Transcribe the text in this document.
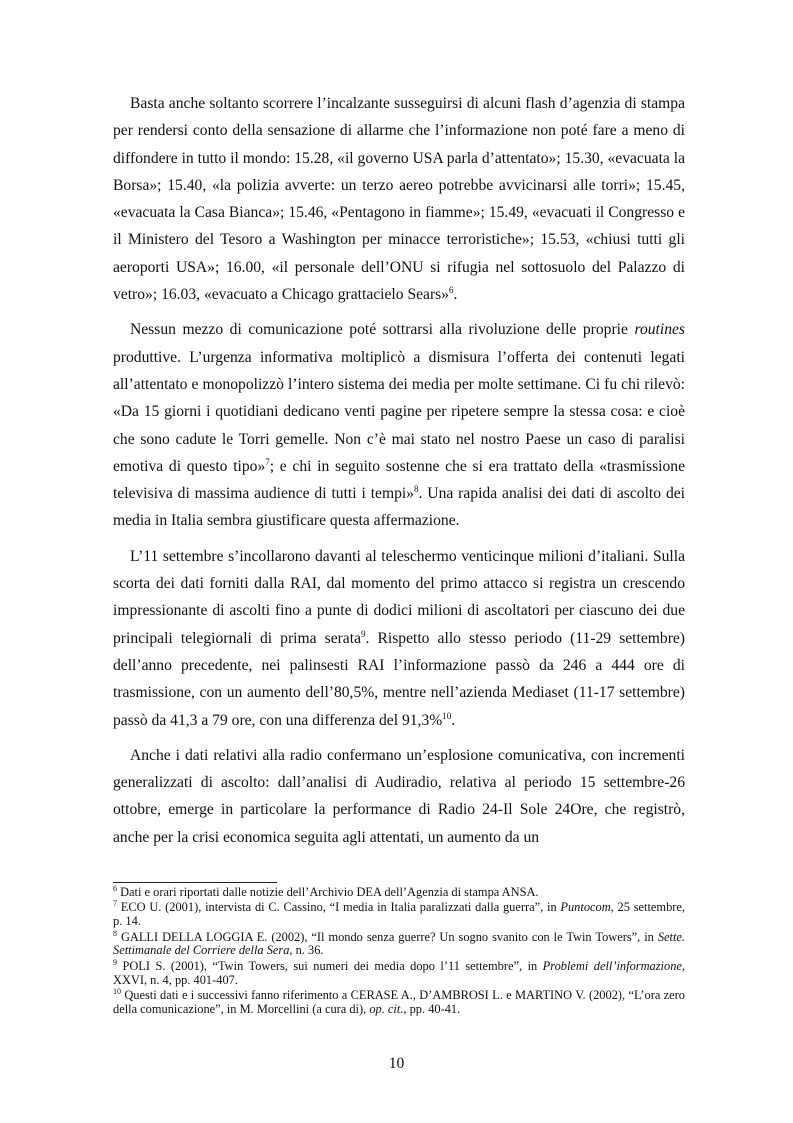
Basta anche soltanto scorrere l’incalzante susseguirsi di alcuni flash d’agenzia di stampa per rendersi conto della sensazione di allarme che l’informazione non poté fare a meno di diffondere in tutto il mondo: 15.28, «il governo USA parla d’attentato»; 15.30, «evacuata la Borsa»; 15.40, «la polizia avverte: un terzo aereo potrebbe avvicinarsi alle torri»; 15.45, «evacuata la Casa Bianca»; 15.46, «Pentagono in fiamme»; 15.49, «evacuati il Congresso e il Ministero del Tesoro a Washington per minacce terroristiche»; 15.53, «chiusi tutti gli aeroporti USA»; 16.00, «il personale dell’ONU si rifugia nel sottosuolo del Palazzo di vetro»; 16.03, «evacuato a Chicago grattacielo Sears»$^6$.

Nessun mezzo di comunicazione poté sottrarsi alla rivoluzione delle proprie routines produttive. L’urgenza informativa moltiplicò a dismisura l’offerta dei contenuti legati all’attentato e monopolizzò l’intero sistema dei media per molte settimane. Ci fu chi rilevò: «Da 15 giorni i quotidiani dedicano venti pagine per ripetere sempre la stessa cosa: e cioè che sono cadute le Torri gemelle. Non c’è mai stato nel nostro Paese un caso di paralisi emotiva di questo tipo»$^7$; e chi in seguito sostenne che si era trattato della «trasmissione televisiva di massima audience di tutti i tempi»$^8$. Una rapida analisi dei dati di ascolto dei media in Italia sembra giustificare questa affermazione.

L’11 settembre s’incollarono davanti al teleschermo venticinque milioni d’italiani. Sulla scorta dei dati forniti dalla RAI, dal momento del primo attacco si registra un crescendo impressionante di ascolti fino a punte di dodici milioni di ascoltatori per ciascuno dei due principali telegiornali di prima serata$^9$. Rispetto allo stesso periodo (11-29 settembre) dell’anno precedente, nei palinsesti RAI l’informazione passò da 246 a 444 ore di trasmissione, con un aumento dell’80,5%, mentre nell’azienda Mediaset (11-17 settembre) passò da 41,3 a 79 ore, con una differenza del 91,3%$^{10}$.

Anche i dati relativi alla radio confermano un’esplosione comunicativa, con incrementi generalizzati di ascolto: dall’analisi di Audiradio, relativa al periodo 15 settembre-26 ottobre, emerge in particolare la performance di Radio 24-Il Sole 24Ore, che registrò, anche per la crisi economica seguita agli attentati, un aumento da un

$^6$ Dati e orari riportati dalle notizie dell’Archivio DEA dell’Agenzia di stampa ANSA.

$^7$ ECO U. (2001), intervista di C. Cassino, “I media in Italia paralizzati dalla guerra”, in Puntocom, 25 settembre, p. 14.

$^8$ GALLI DELLA LOGGIA E. (2002), “Il mondo senza guerre? Un sogno svanito con le Twin Towers”, in Sette. Settimanale del Corriere della Sera, n. 36.

$^9$ POLI S. (2001), “Twin Towers, sui numeri dei media dopo l’11 settembre”, in Problemi dell’informazione, XXVI, n. 4, pp. 401-407.

$^{10}$ Questi dati e i successivi fanno riferimento a CERASE A., D’AMBROSI L. e MARTINO V. (2002), “L’ora zero della comunicazione”, in M. Morcellini (a cura di), op. cit., pp. 40-41.

10
